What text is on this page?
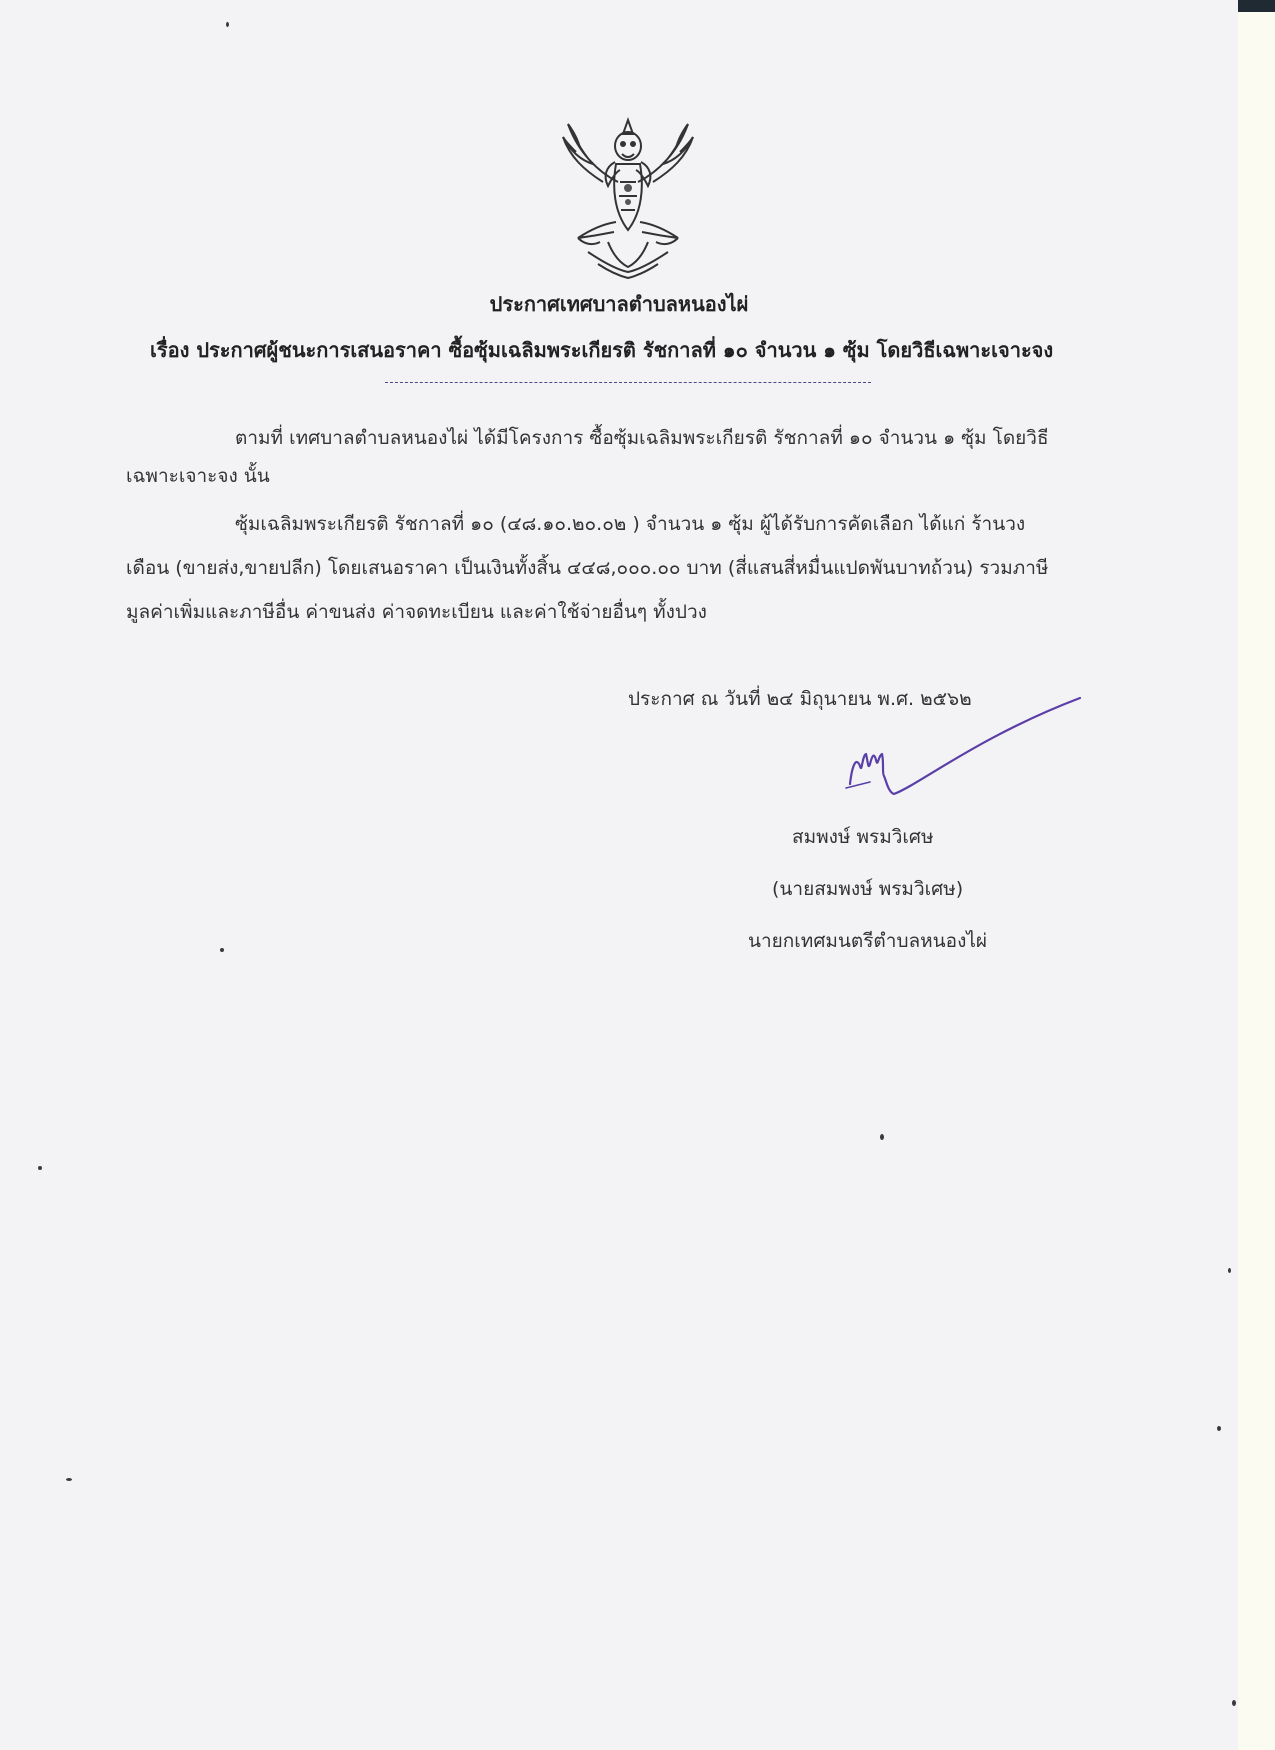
ประกาศเทศบาลตำบลหนองไผ่
เรื่อง ประกาศผู้ชนะการเสนอราคา ซื้อซุ้มเฉลิมพระเกียรติ รัชกาลที่ ๑๐ จำนวน ๑ ซุ้ม โดยวิธีเฉพาะเจาะจง
ตามที่ เทศบาลตำบลหนองไผ่ ได้มีโครงการ ซื้อซุ้มเฉลิมพระเกียรติ รัชกาลที่ ๑๐ จำนวน ๑ ซุ้ม โดยวิธี
เฉพาะเจาะจง นั้น
ซุ้มเฉลิมพระเกียรติ รัชกาลที่ ๑๐ (๔๘.๑๐.๒๐.๐๒ ) จำนวน ๑ ซุ้ม ผู้ได้รับการคัดเลือก ได้แก่ ร้านวง
เดือน (ขายส่ง,ขายปลีก) โดยเสนอราคา เป็นเงินทั้งสิ้น ๔๔๘,๐๐๐.๐๐ บาท (สี่แสนสี่หมื่นแปดพันบาทถ้วน) รวมภาษี
มูลค่าเพิ่มและภาษีอื่น ค่าขนส่ง ค่าจดทะเบียน และค่าใช้จ่ายอื่นๆ ทั้งปวง
ประกาศ ณ วันที่ ๒๔ มิถุนายน พ.ศ. ๒๕๖๒
สมพงษ์ พรมวิเศษ
(นายสมพงษ์ พรมวิเศษ)
นายกเทศมนตรีตำบลหนองไผ่
